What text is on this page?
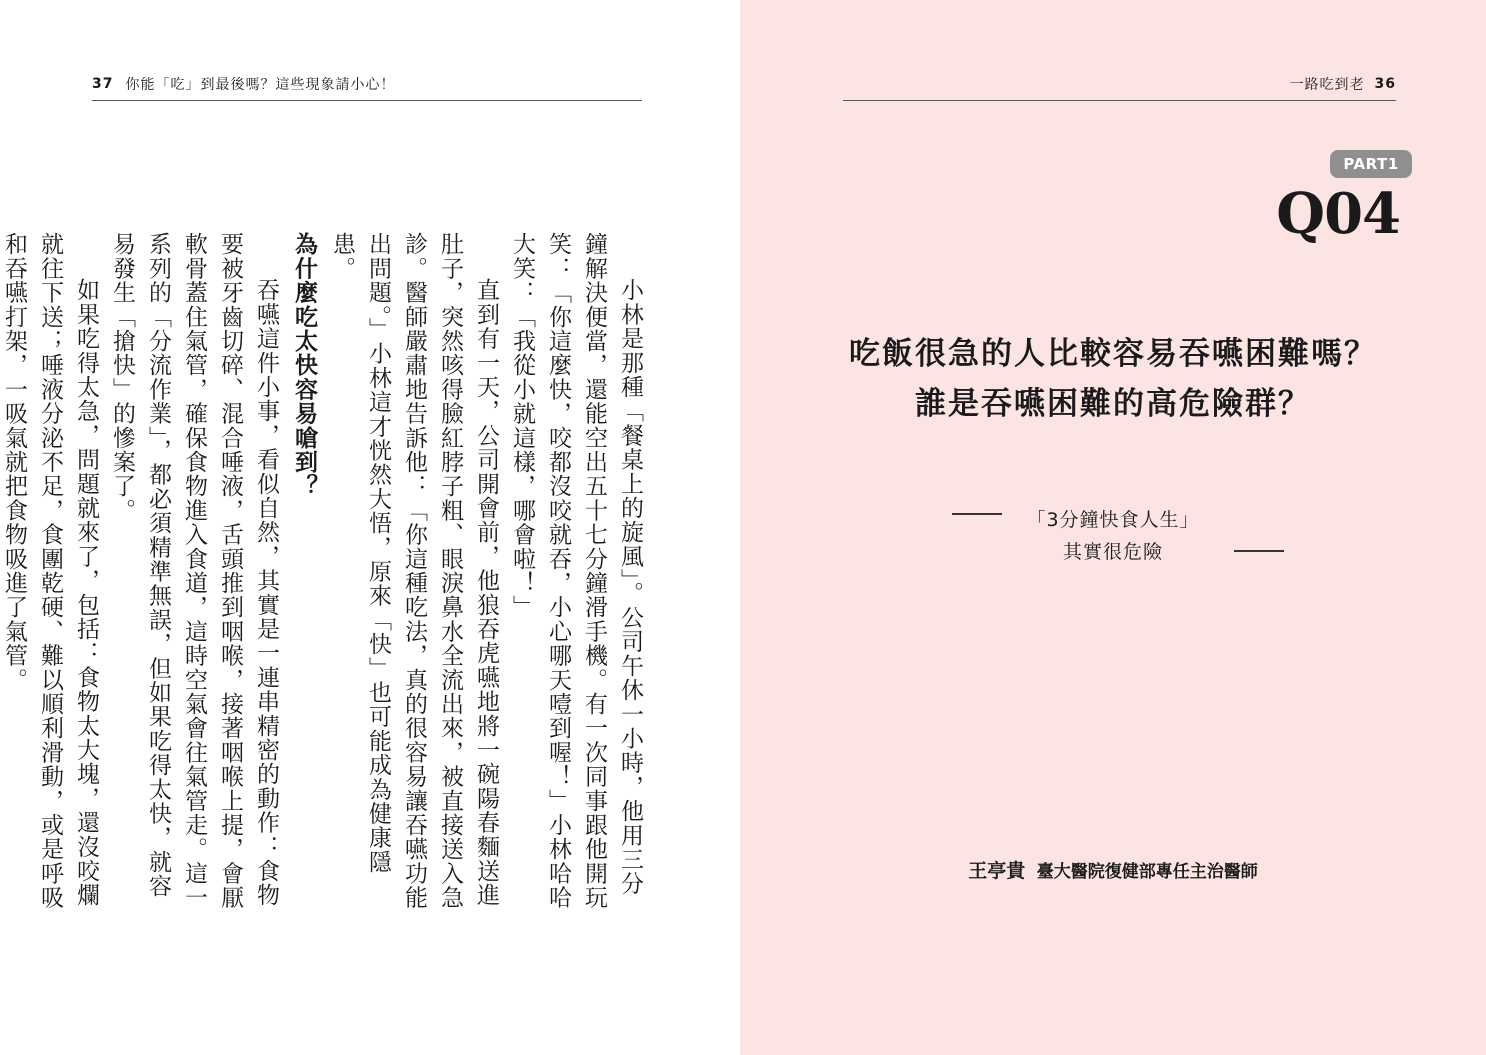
37 你能「吃」到最後嗎？這些現象請小心！

小林是那種「餐桌上的旋風」。公司午休一小時，他用三分鐘解決便當，還能空出五十七分鐘滑手機。有一次同事跟他開玩笑：「你這麼快，咬都沒咬就吞，小心哪天噎到喔！」小林哈哈大笑：「我從小就這樣，哪會啦！」

直到有一天，公司開會前，他狼吞虎嚥地將一碗陽春麵送進肚子，突然咳得臉紅脖子粗、眼淚鼻水全流出來，被直接送入急診。醫師嚴肅地告訴他：「你這種吃法，真的很容易讓吞嚥功能出問題。」小林這才恍然大悟，原來「快」也可能成為健康隱患。

為什麼吃太快容易嗆到？

吞嚥這件小事，看似自然，其實是一連串精密的動作：食物要被牙齒切碎、混合唾液，舌頭推到咽喉，接著咽喉上提，會厭軟骨蓋住氣管，確保食物進入食道，這時空氣會往氣管走。這一系列的「分流作業」，都必須精準無誤，但如果吃得太快，就容易發生「搶快」的慘案了。

如果吃得太急，問題就來了，包括：食物太大塊，還沒咬爛就往下送；唾液分泌不足，食團乾硬、難以順利滑動，或是呼吸和吞嚥打架，一吸氣就把食物吸進了氣管。

一路吃到老 36
PART1
Q04
吃飯很急的人比較容易吞嚥困難嗎？
誰是吞嚥困難的高危險群？
「3分鐘快食人生」
其實很危險
王亭貴 臺大醫院復健部專任主治醫師
